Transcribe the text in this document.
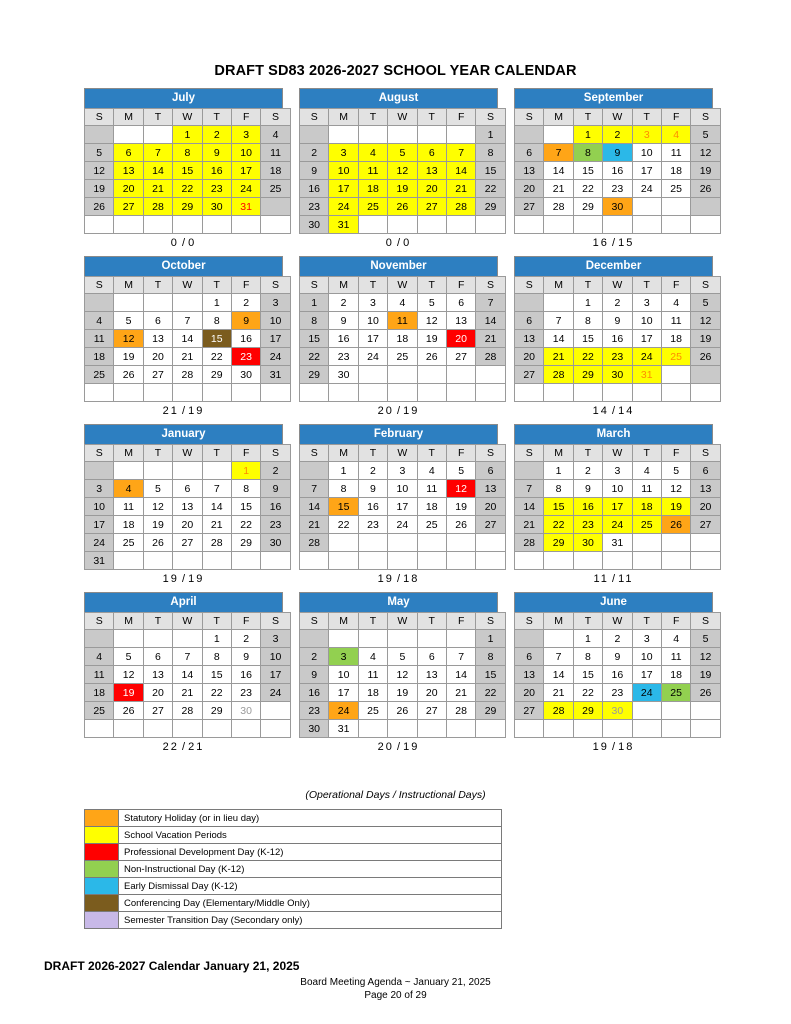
DRAFT SD83 2026-2027 SCHOOL YEAR CALENDAR
July
S	M	T	W	T	F	S
			1	2	3	4
5	6	7	8	9	10	11
12	13	14	15	16	17	18
19	20	21	22	23	24	25
26	27	28	29	30	31	

0 / 0
August
S	M	T	W	T	F	S
						1
2	3	4	5	6	7	8
9	10	11	12	13	14	15
16	17	18	19	20	21	22
23	24	25	26	27	28	29
30	31					
0 / 0
September
S	M	T	W	T	F	S
		1	2	3	4	5
6	7	8	9	10	11	12
13	14	15	16	17	18	19
20	21	22	23	24	25	26
27	28	29	30			

16 / 15
October
S	M	T	W	T	F	S
				1	2	3
4	5	6	7	8	9	10
11	12	13	14	15	16	17
18	19	20	21	22	23	24
25	26	27	28	29	30	31

21 / 19
November
S	M	T	W	T	F	S
1	2	3	4	5	6	7
8	9	10	11	12	13	14
15	16	17	18	19	20	21
22	23	24	25	26	27	28
29	30					

20 / 19
December
S	M	T	W	T	F	S
		1	2	3	4	5
6	7	8	9	10	11	12
13	14	15	16	17	18	19
20	21	22	23	24	25	26
27	28	29	30	31		

14 / 14
January
S	M	T	W	T	F	S
					1	2
3	4	5	6	7	8	9
10	11	12	13	14	15	16
17	18	19	20	21	22	23
24	25	26	27	28	29	30
31						
19 / 19
February
S	M	T	W	T	F	S
	1	2	3	4	5	6
7	8	9	10	11	12	13
14	15	16	17	18	19	20
21	22	23	24	25	26	27
28						

19 / 18
March
S	M	T	W	T	F	S
	1	2	3	4	5	6
7	8	9	10	11	12	13
14	15	16	17	18	19	20
21	22	23	24	25	26	27
28	29	30	31			

11 / 11
April
S	M	T	W	T	F	S
				1	2	3
4	5	6	7	8	9	10
11	12	13	14	15	16	17
18	19	20	21	22	23	24
25	26	27	28	29	30	

22 / 21
May
S	M	T	W	T	F	S
						1
2	3	4	5	6	7	8
9	10	11	12	13	14	15
16	17	18	19	20	21	22
23	24	25	26	27	28	29
30	31					
20 / 19
June
S	M	T	W	T	F	S
		1	2	3	4	5
6	7	8	9	10	11	12
13	14	15	16	17	18	19
20	21	22	23	24	25	26
27	28	29	30			

19 / 18
(Operational Days / Instructional Days)
Statutory Holiday (or in lieu day)
School Vacation Periods
Professional Development Day (K-12)
Non-Instructional Day (K-12)
Early Dismissal Day (K-12)
Conferencing Day (Elementary/Middle Only)
Semester Transition Day (Secondary only)
DRAFT 2026-2027 Calendar January 21, 2025
Board Meeting Agenda ~ January 21, 2025
Page 20 of 29
